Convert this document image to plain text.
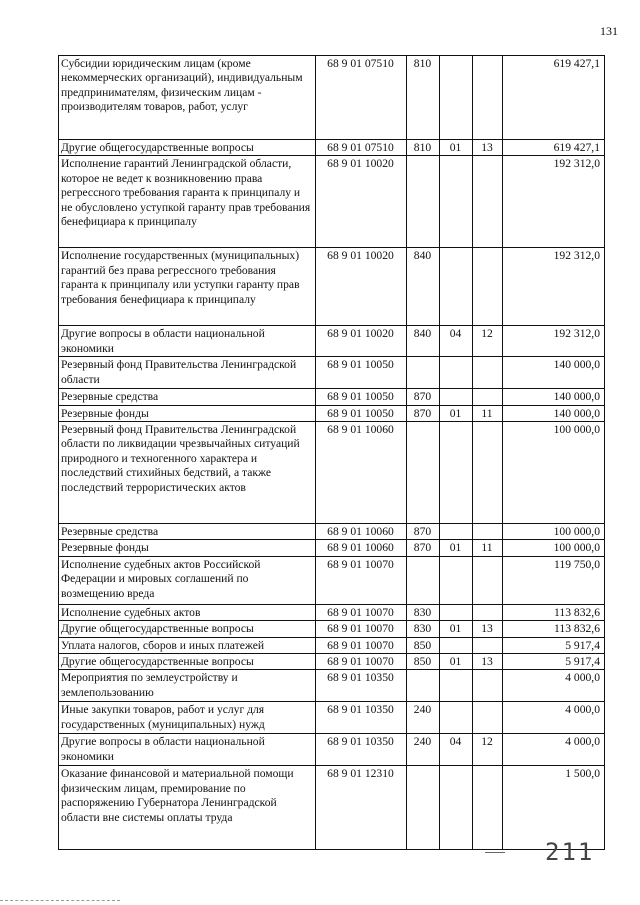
131
Субсидии юридическим лицам (кроме некоммерческих организаций), индивидуальным предпринимателям, физическим лицам - производителям товаров, работ, услуг	68 9 01 07510	810			619 427,1
Другие общегосударственные вопросы	68 9 01 07510	810	01	13	619 427,1
Исполнение гарантий Ленинградской области, которое не ведет к возникновению права регрессного требования гаранта к принципалу и не обусловлено уступкой гаранту прав требования бенефициара к принципалу	68 9 01 10020				192 312,0
Исполнение государственных (муниципальных) гарантий без права регрессного требования гаранта к принципалу или уступки гаранту прав требования бенефициара к принципалу	68 9 01 10020	840			192 312,0
Другие вопросы в области национальной экономики	68 9 01 10020	840	04	12	192 312,0
Резервный фонд Правительства Ленинградской области	68 9 01 10050				140 000,0
Резервные средства	68 9 01 10050	870			140 000,0
Резервные фонды	68 9 01 10050	870	01	11	140 000,0
Резервный фонд Правительства Ленинградской области по ликвидации чрезвычайных ситуаций природного и техногенного характера и последствий стихийных бедствий, а также последствий террористических актов	68 9 01 10060				100 000,0
Резервные средства	68 9 01 10060	870			100 000,0
Резервные фонды	68 9 01 10060	870	01	11	100 000,0
Исполнение судебных актов Российской Федерации и мировых соглашений по возмещению вреда	68 9 01 10070				119 750,0
Исполнение судебных актов	68 9 01 10070	830			113 832,6
Другие общегосударственные вопросы	68 9 01 10070	830	01	13	113 832,6
Уплата налогов, сборов и иных платежей	68 9 01 10070	850			5 917,4
Другие общегосударственные вопросы	68 9 01 10070	850	01	13	5 917,4
Мероприятия по землеустройству и землепользованию	68 9 01 10350				4 000,0
Иные закупки товаров, работ и услуг для государственных (муниципальных) нужд	68 9 01 10350	240			4 000,0
Другие вопросы в области национальной экономики	68 9 01 10350	240	04	12	4 000,0
Оказание финансовой и материальной помощи физическим лицам, премирование по распоряжению Губернатора Ленинградской области вне системы оплаты труда	68 9 01 12310				1 500,0
211
